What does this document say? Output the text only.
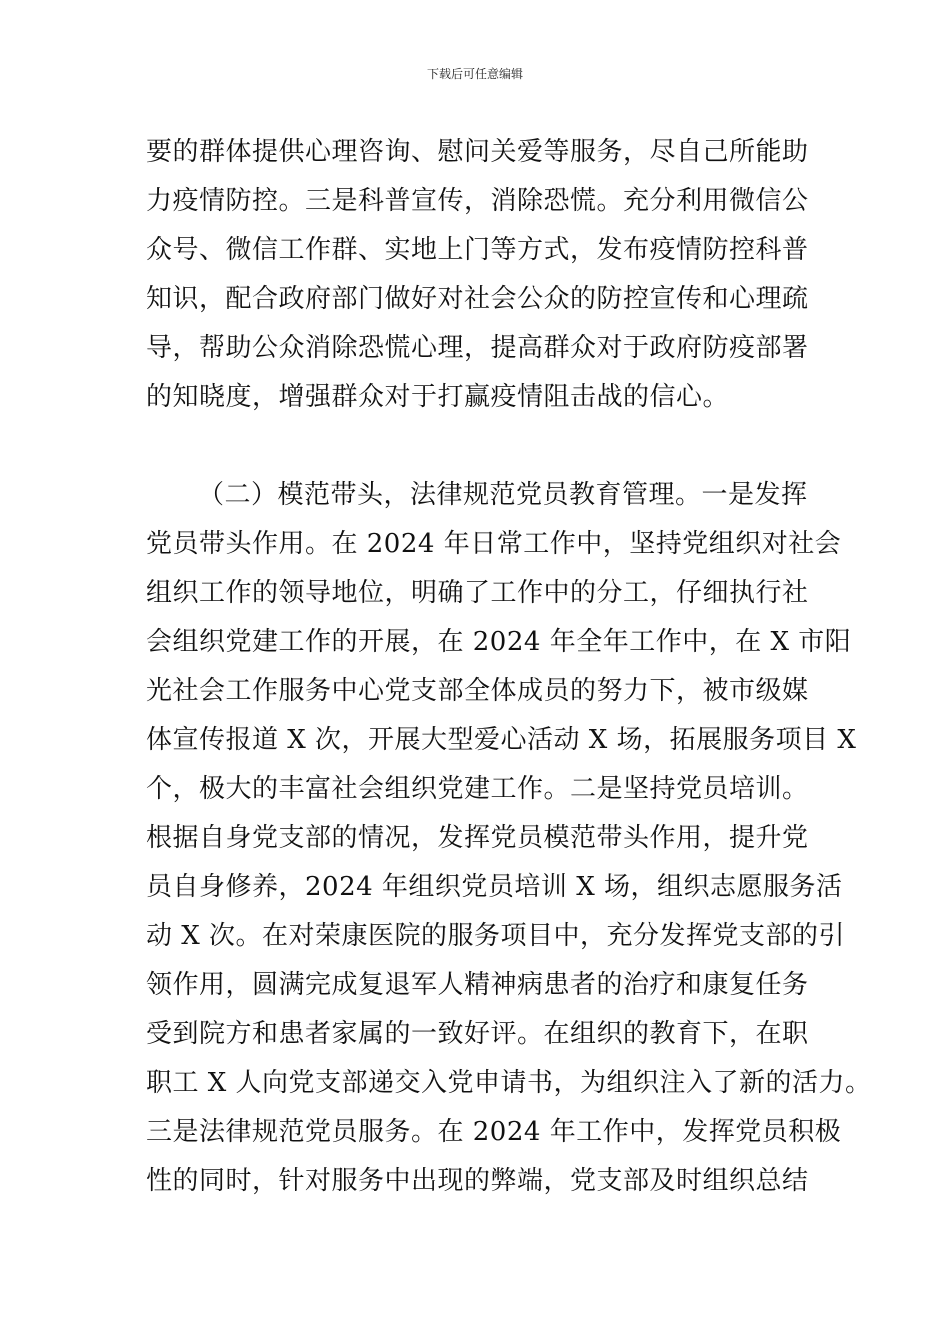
下载后可任意编辑
要的群体提供心理咨询、慰问关爱等服务，尽自己所能助
力疫情防控。三是科普宣传，消除恐慌。充分利用微信公
众号、微信工作群、实地上门等方式，发布疫情防控科普
知识，配合政府部门做好对社会公众的防控宣传和心理疏
导，帮助公众消除恐慌心理，提高群众对于政府防疫部署
的知晓度，增强群众对于打赢疫情阻击战的信心。
（二）模范带头，法律规范党员教育管理。一是发挥
党员带头作用。在 2024 年日常工作中，坚持党组织对社会
组织工作的领导地位，明确了工作中的分工，仔细执行社
会组织党建工作的开展，在 2024 年全年工作中，在 X 市阳
光社会工作服务中心党支部全体成员的努力下，被市级媒
体宣传报道 X 次，开展大型爱心活动 X 场，拓展服务项目 X
个，极大的丰富社会组织党建工作。二是坚持党员培训。
根据自身党支部的情况，发挥党员模范带头作用，提升党
员自身修养，2024 年组织党员培训 X 场，组织志愿服务活
动 X 次。在对荣康医院的服务项目中，充分发挥党支部的引
领作用，圆满完成复退军人精神病患者的治疗和康复任务
受到院方和患者家属的一致好评。在组织的教育下，在职
职工 X 人向党支部递交入党申请书，为组织注入了新的活力。
三是法律规范党员服务。在 2024 年工作中，发挥党员积极
性的同时，针对服务中出现的弊端，党支部及时组织总结
